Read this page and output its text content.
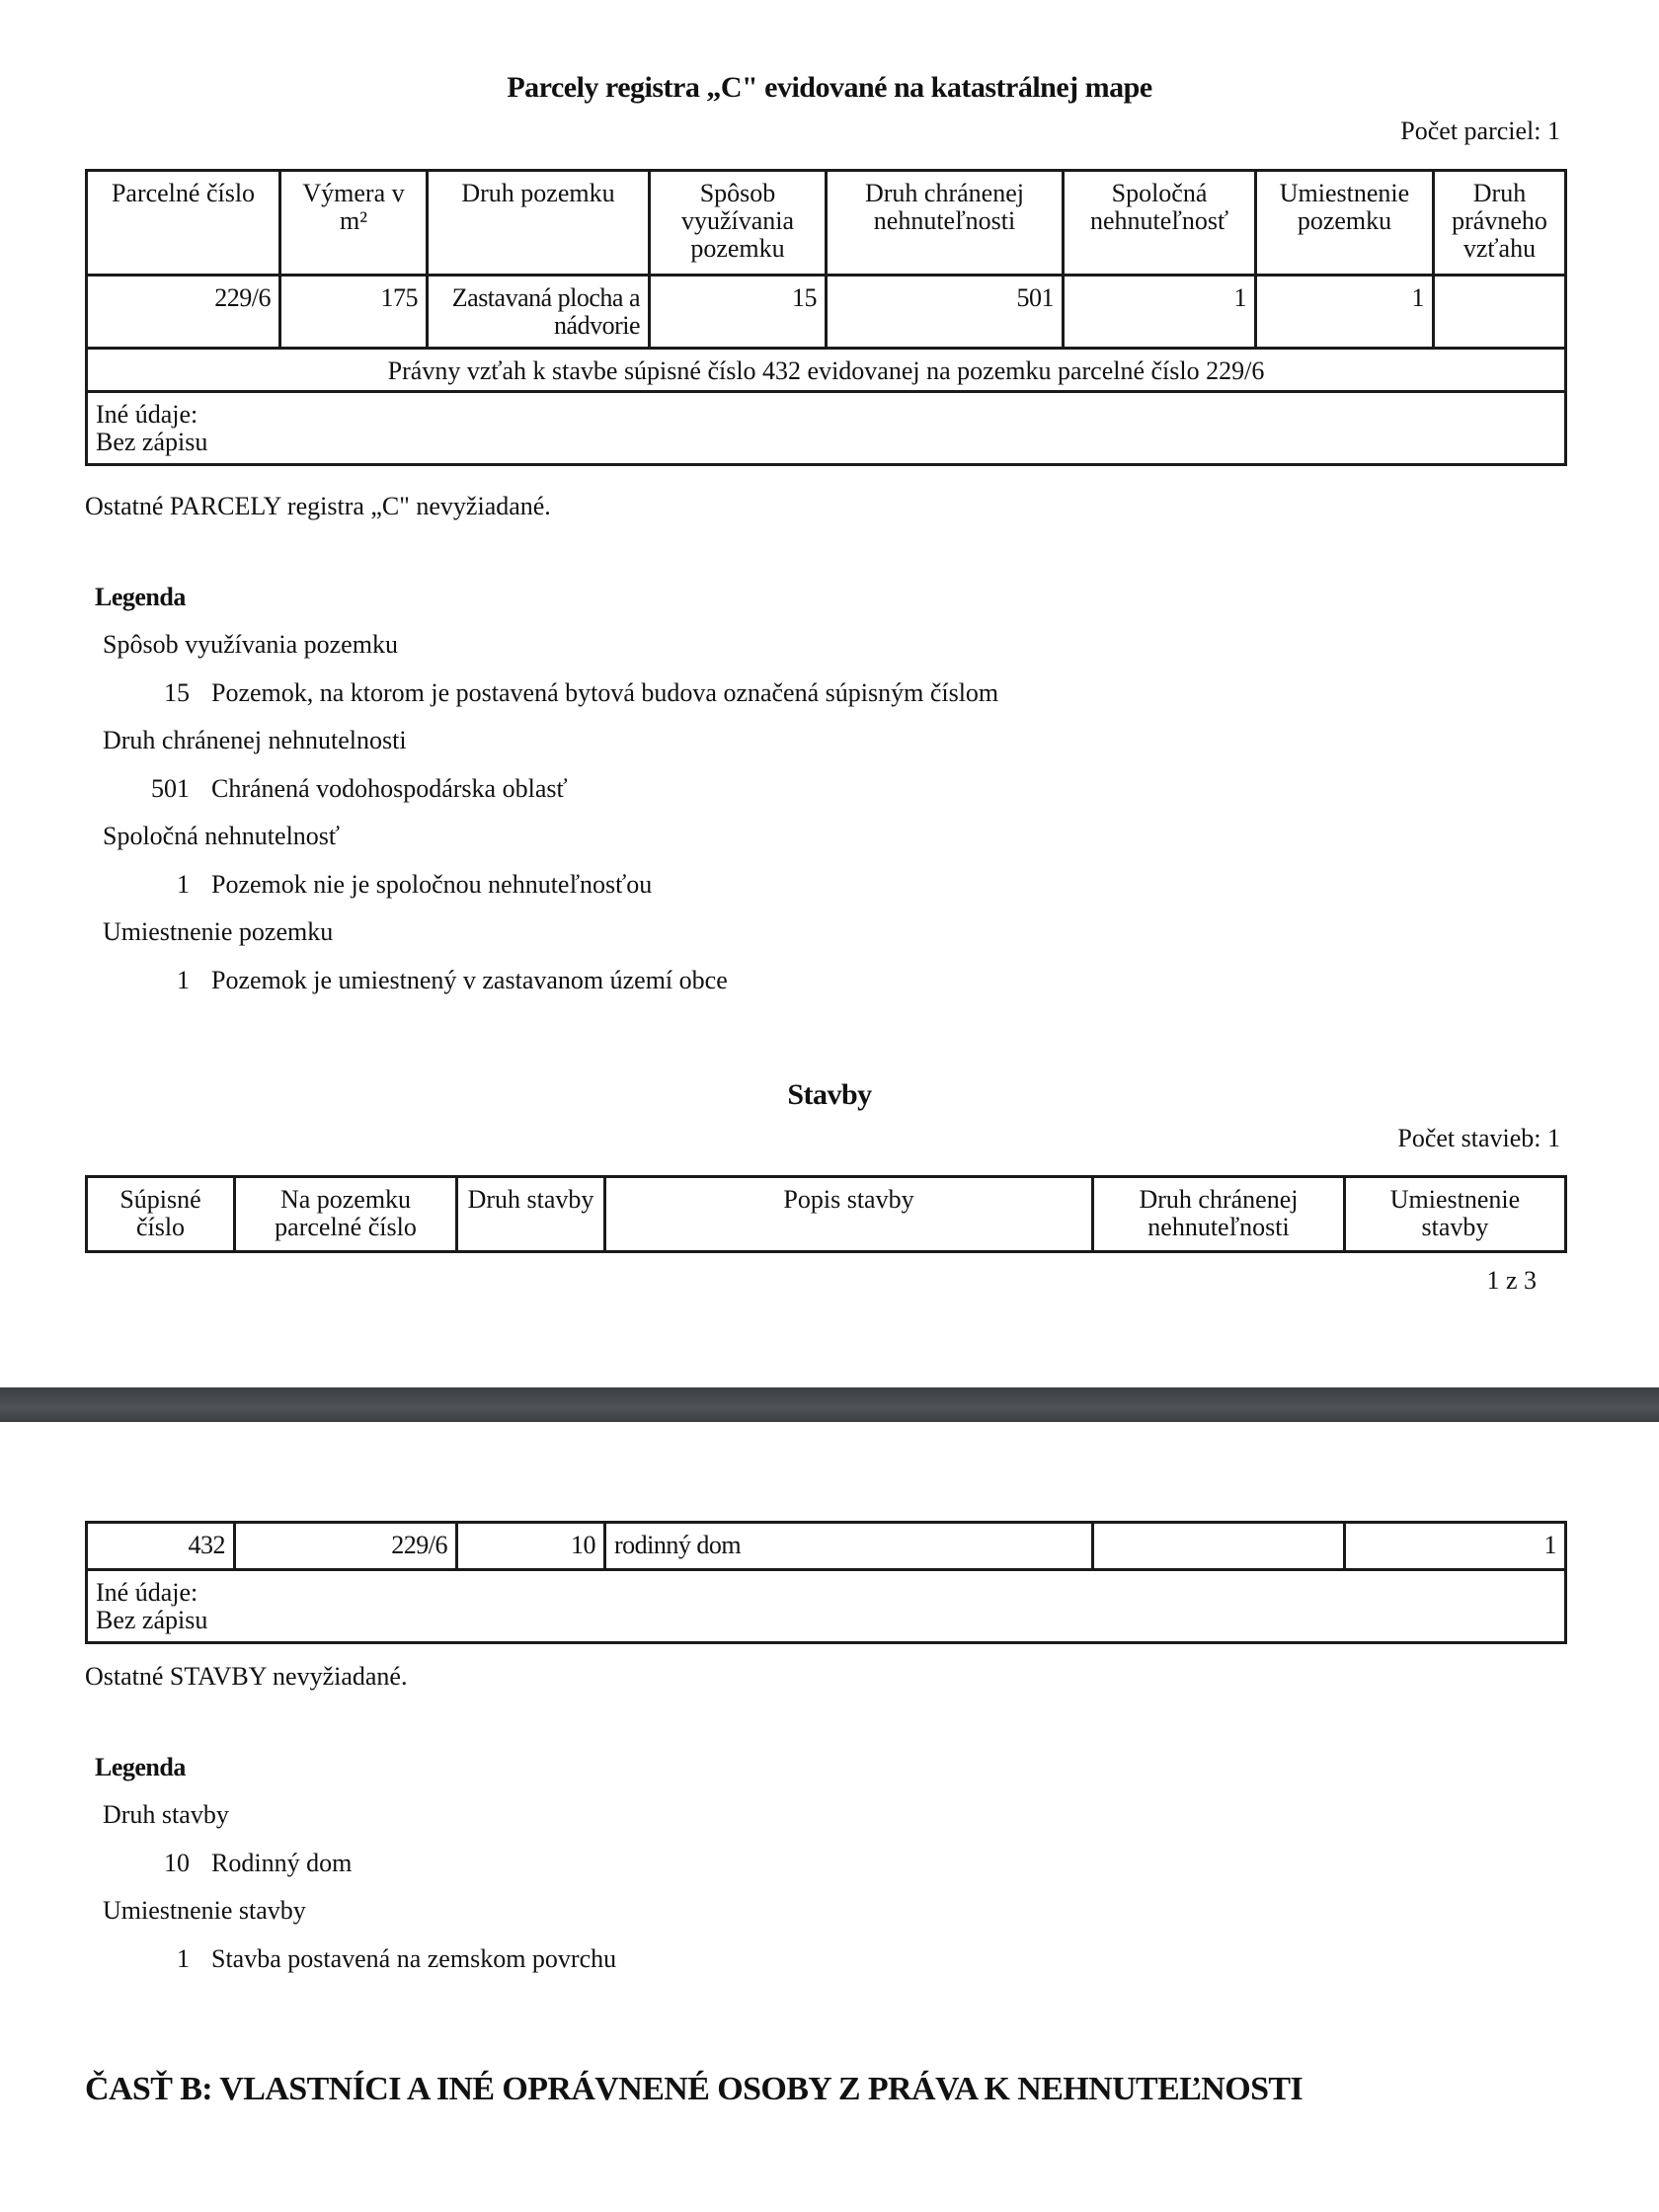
Parcely registra „C" evidované na katastrálnej mape
Počet parciel: 1
Parcelné číslo	Výmera v m²	Druh pozemku	Spôsob využívania pozemku	Druh chránenej nehnuteľnosti	Spoločná nehnuteľnosť	Umiestnenie pozemku	Druh právneho vzťahu
229/6	175	Zastavaná plocha a nádvorie	15	501	1	1	
Právny vzťah k stavbe súpisné číslo 432 evidovanej na pozemku parcelné číslo 229/6							

Iné údaje:
Bez zápisu							
Ostatné PARCELY registra „C" nevyžiadané.
Legenda
Spôsob využívania pozemku
15 Pozemok, na ktorom je postavená bytová budova označená súpisným číslom
Druh chránenej nehnutelnosti
501 Chránená vodohospodárska oblasť
Spoločná nehnutelnosť
1 Pozemok nie je spoločnou nehnuteľnosťou
Umiestnenie pozemku
1 Pozemok je umiestnený v zastavanom území obce
Stavby
Počet stavieb: 1
Súpisné číslo	Na pozemku parcelné číslo	Druh stavby	Popis stavby	Druh chránenej nehnuteľnosti	Umiestnenie stavby
1 z 3
432	229/6	10	rodinný dom		1

Iné údaje:
Bez zápisu
Ostatné STAVBY nevyžiadané.
Legenda
Druh stavby
10 Rodinný dom
Umiestnenie stavby
1 Stavba postavená na zemskom povrchu
ČASŤ B: VLASTNÍCI A INÉ OPRÁVNENÉ OSOBY Z PRÁVA K NEHNUTEĽNOSTI
